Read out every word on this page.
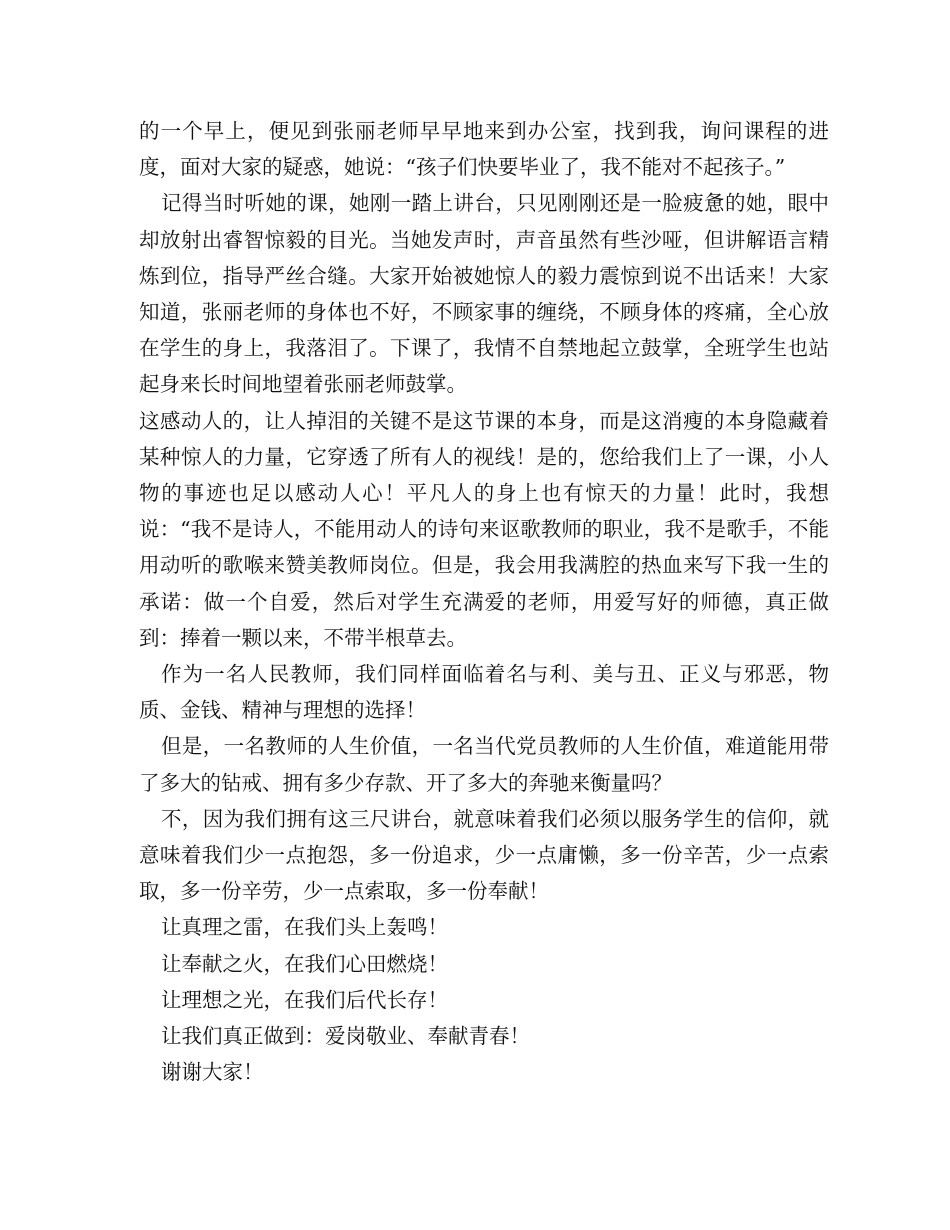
的一个早上，便见到张丽老师早早地来到办公室，找到我，询问课程的进度，面对大家的疑惑，她说：“孩子们快要毕业了，我不能对不起孩子。”

记得当时听她的课，她刚一踏上讲台，只见刚刚还是一脸疲惫的她，眼中却放射出睿智惊毅的目光。当她发声时，声音虽然有些沙哑，但讲解语言精炼到位，指导严丝合缝。大家开始被她惊人的毅力震惊到说不出话来！大家知道，张丽老师的身体也不好，不顾家事的缠绕，不顾身体的疼痛，全心放在学生的身上，我落泪了。下课了，我情不自禁地起立鼓掌，全班学生也站起身来长时间地望着张丽老师鼓掌。

这感动人的，让人掉泪的关键不是这节课的本身，而是这消瘦的本身隐藏着某种惊人的力量，它穿透了所有人的视线！是的，您给我们上了一课，小人物的事迹也足以感动人心！平凡人的身上也有惊天的力量！此时，我想说：“我不是诗人，不能用动人的诗句来讴歌教师的职业，我不是歌手，不能用动听的歌喉来赞美教师岗位。但是，我会用我满腔的热血来写下我一生的承诺：做一个自爱，然后对学生充满爱的老师，用爱写好的师德，真正做到：捧着一颗以来，不带半根草去。

作为一名人民教师，我们同样面临着名与利、美与丑、正义与邪恶，物质、金钱、精神与理想的选择！

但是，一名教师的人生价值，一名当代党员教师的人生价值，难道能用带了多大的钻戒、拥有多少存款、开了多大的奔驰来衡量吗？

不，因为我们拥有这三尺讲台，就意味着我们必须以服务学生的信仰，就意味着我们少一点抱怨，多一份追求，少一点庸懒，多一份辛苦，少一点索取，多一份辛劳，少一点索取，多一份奉献！

让真理之雷，在我们头上轰鸣！

让奉献之火，在我们心田燃烧！

让理想之光，在我们后代长存！

让我们真正做到：爱岗敬业、奉献青春！

谢谢大家！
